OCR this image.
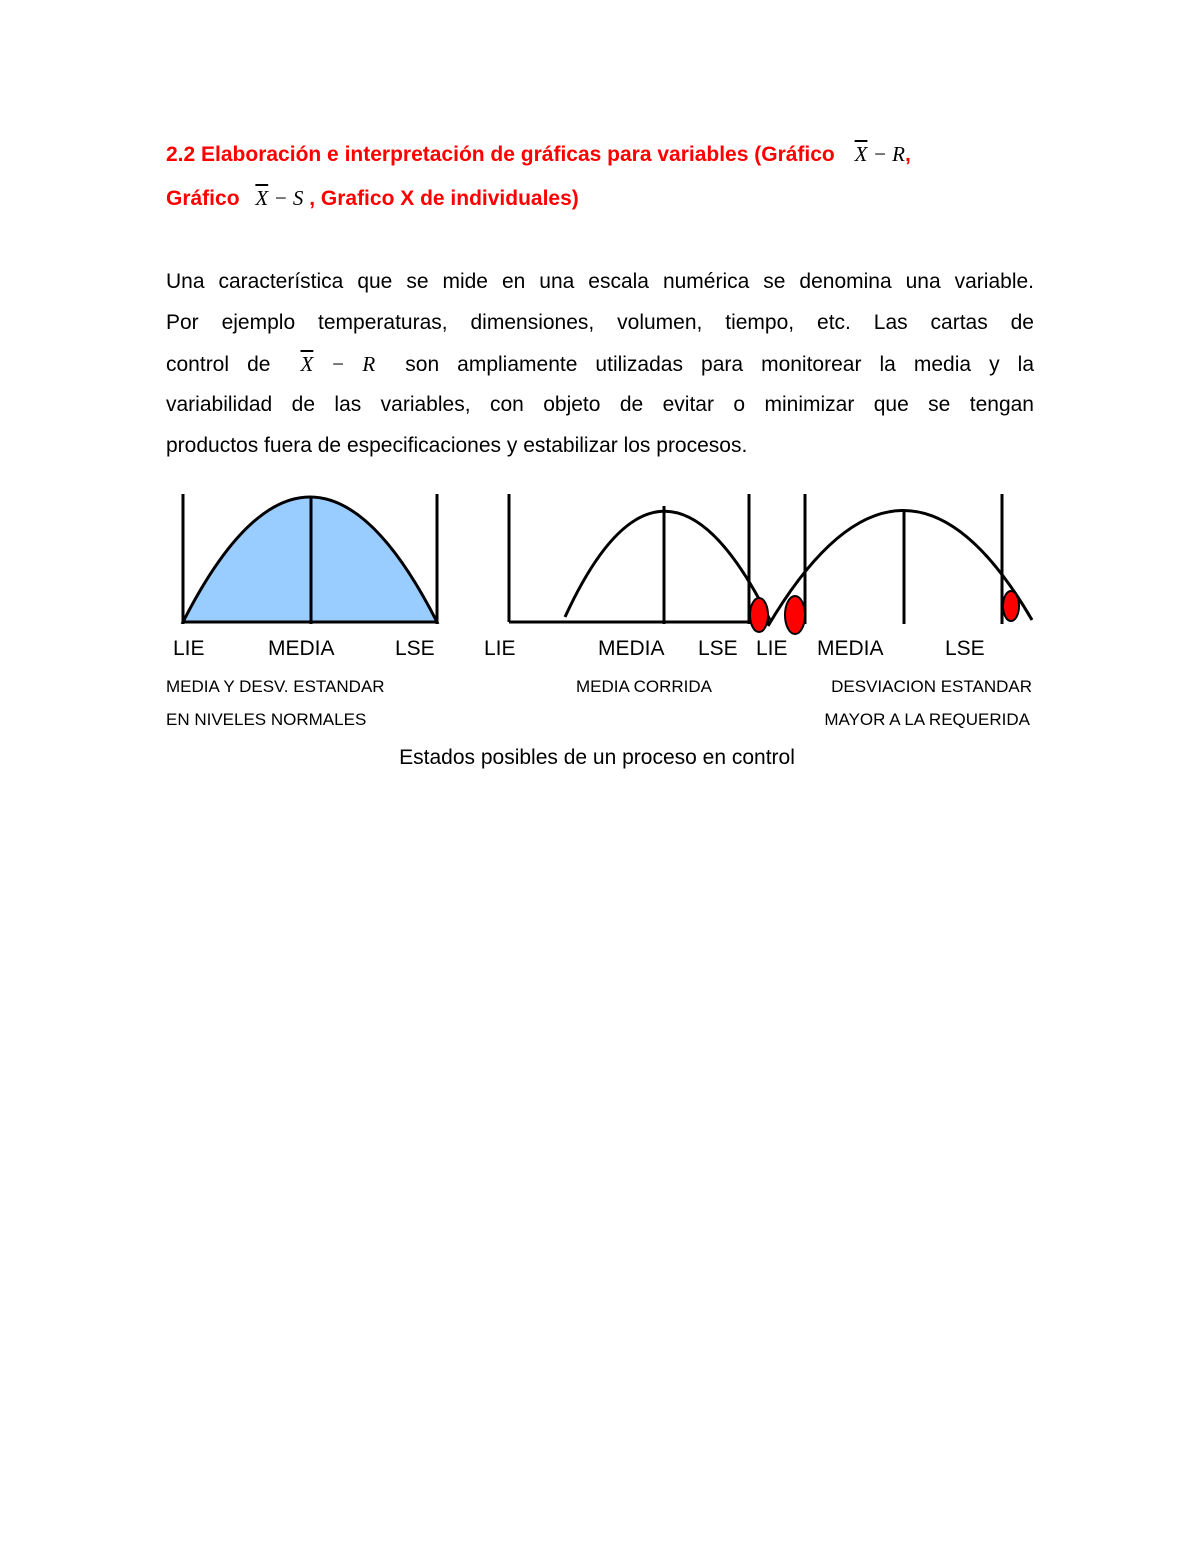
2.2 Elaboración e interpretación de gráficas para variables (Gráfico $\overline{X} - R$,
Gráfico $\overline{X} - S$ , Grafico X de individuales)
Una característica que se mide en una escala numérica se denomina una variable.
Por ejemplo temperaturas, dimensiones, volumen, tiempo, etc. Las cartas de
control de $\overline{X} - R$ son ampliamente utilizadas para monitorear la media y la
variabilidad de las variables, con objeto de evitar o minimizar que se tengan
productos fuera de especificaciones y estabilizar los procesos.
LIE	MEDIA	LSE
MEDIA Y DESV. ESTANDAR
EN NIVELES NORMALES
LIE	MEDIA LSE LIE MEDIA	LSE
MEDIA CORRIDA	DESVIACION ESTANDAR
MAYOR A LA REQUERIDA
Estados posibles de un proceso en control
